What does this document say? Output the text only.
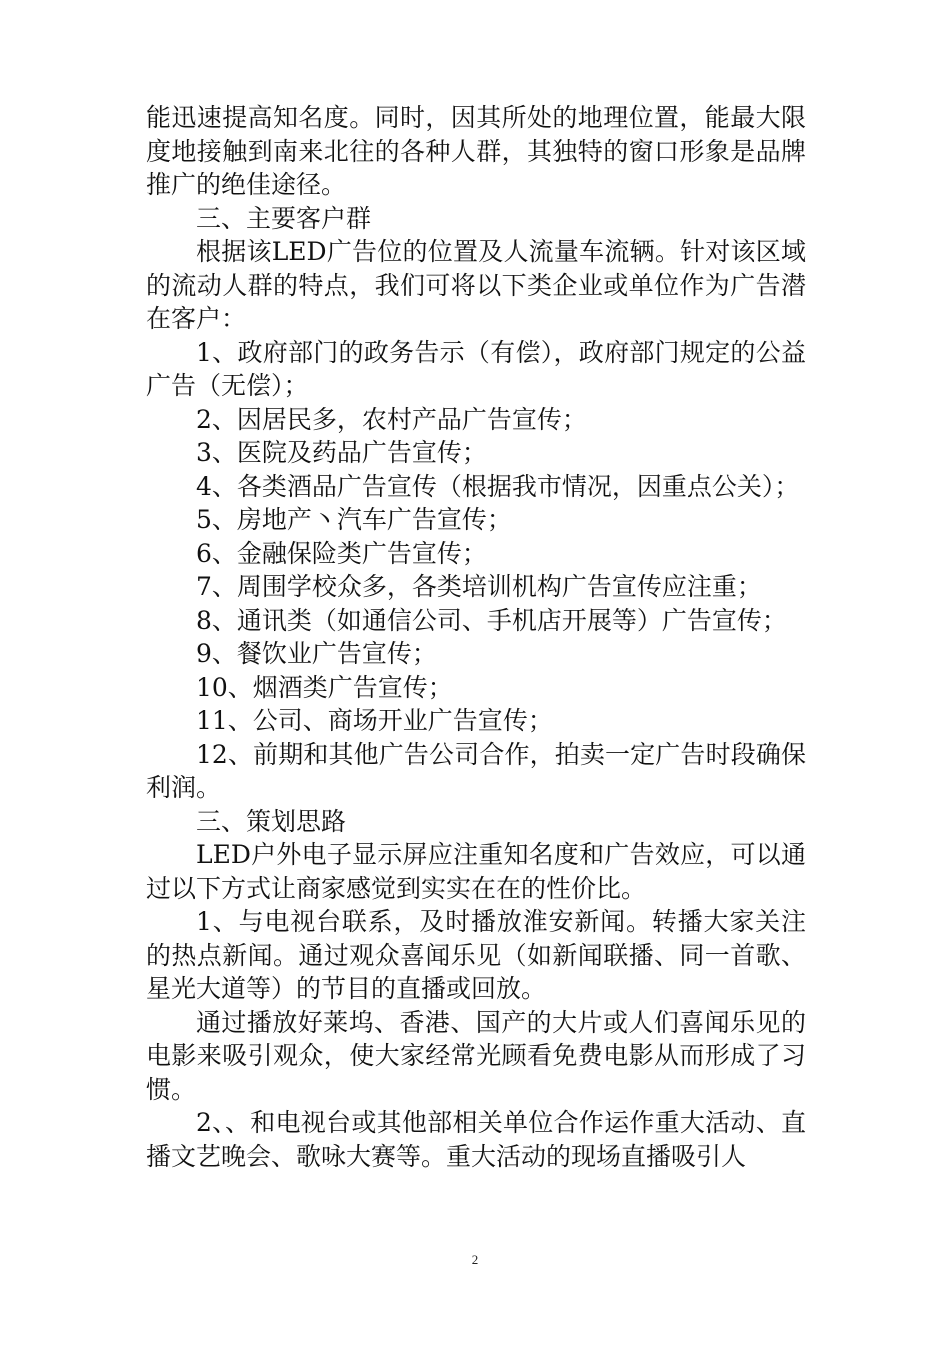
能迅速提高知名度。同时，因其所处的地理位置，能最大限度地接触到南来北往的各种人群，其独特的窗口形象是品牌推广的绝佳途径。

三、主要客户群

根据该LED广告位的位置及人流量车流辆。针对该区域的流动人群的特点，我们可将以下类企业或单位作为广告潜在客户：

1、政府部门的政务告示（有偿），政府部门规定的公益广告（无偿）；

2、因居民多，农村产品广告宣传；

3、医院及药品广告宣传；

4、各类酒品广告宣传（根据我市情况，因重点公关）；

5、房地产丶汽车广告宣传；

6、金融保险类广告宣传；

7、周围学校众多，各类培训机构广告宣传应注重；

8、通讯类（如通信公司、手机店开展等）广告宣传；

9、餐饮业广告宣传；

10、烟酒类广告宣传；

11、公司、商场开业广告宣传；

12、前期和其他广告公司合作，拍卖一定广告时段确保利润。

三、策划思路

LED户外电子显示屏应注重知名度和广告效应，可以通过以下方式让商家感觉到实实在在的性价比。

1、与电视台联系，及时播放淮安新闻。转播大家关注的热点新闻。通过观众喜闻乐见（如新闻联播、同一首歌、星光大道等）的节目的直播或回放。

通过播放好莱坞、香港、国产的大片或人们喜闻乐见的电影来吸引观众，使大家经常光顾看免费电影从而形成了习惯。

2、、和电视台或其他部相关单位合作运作重大活动、直播文艺晚会、歌咏大赛等。重大活动的现场直播吸引人

2
